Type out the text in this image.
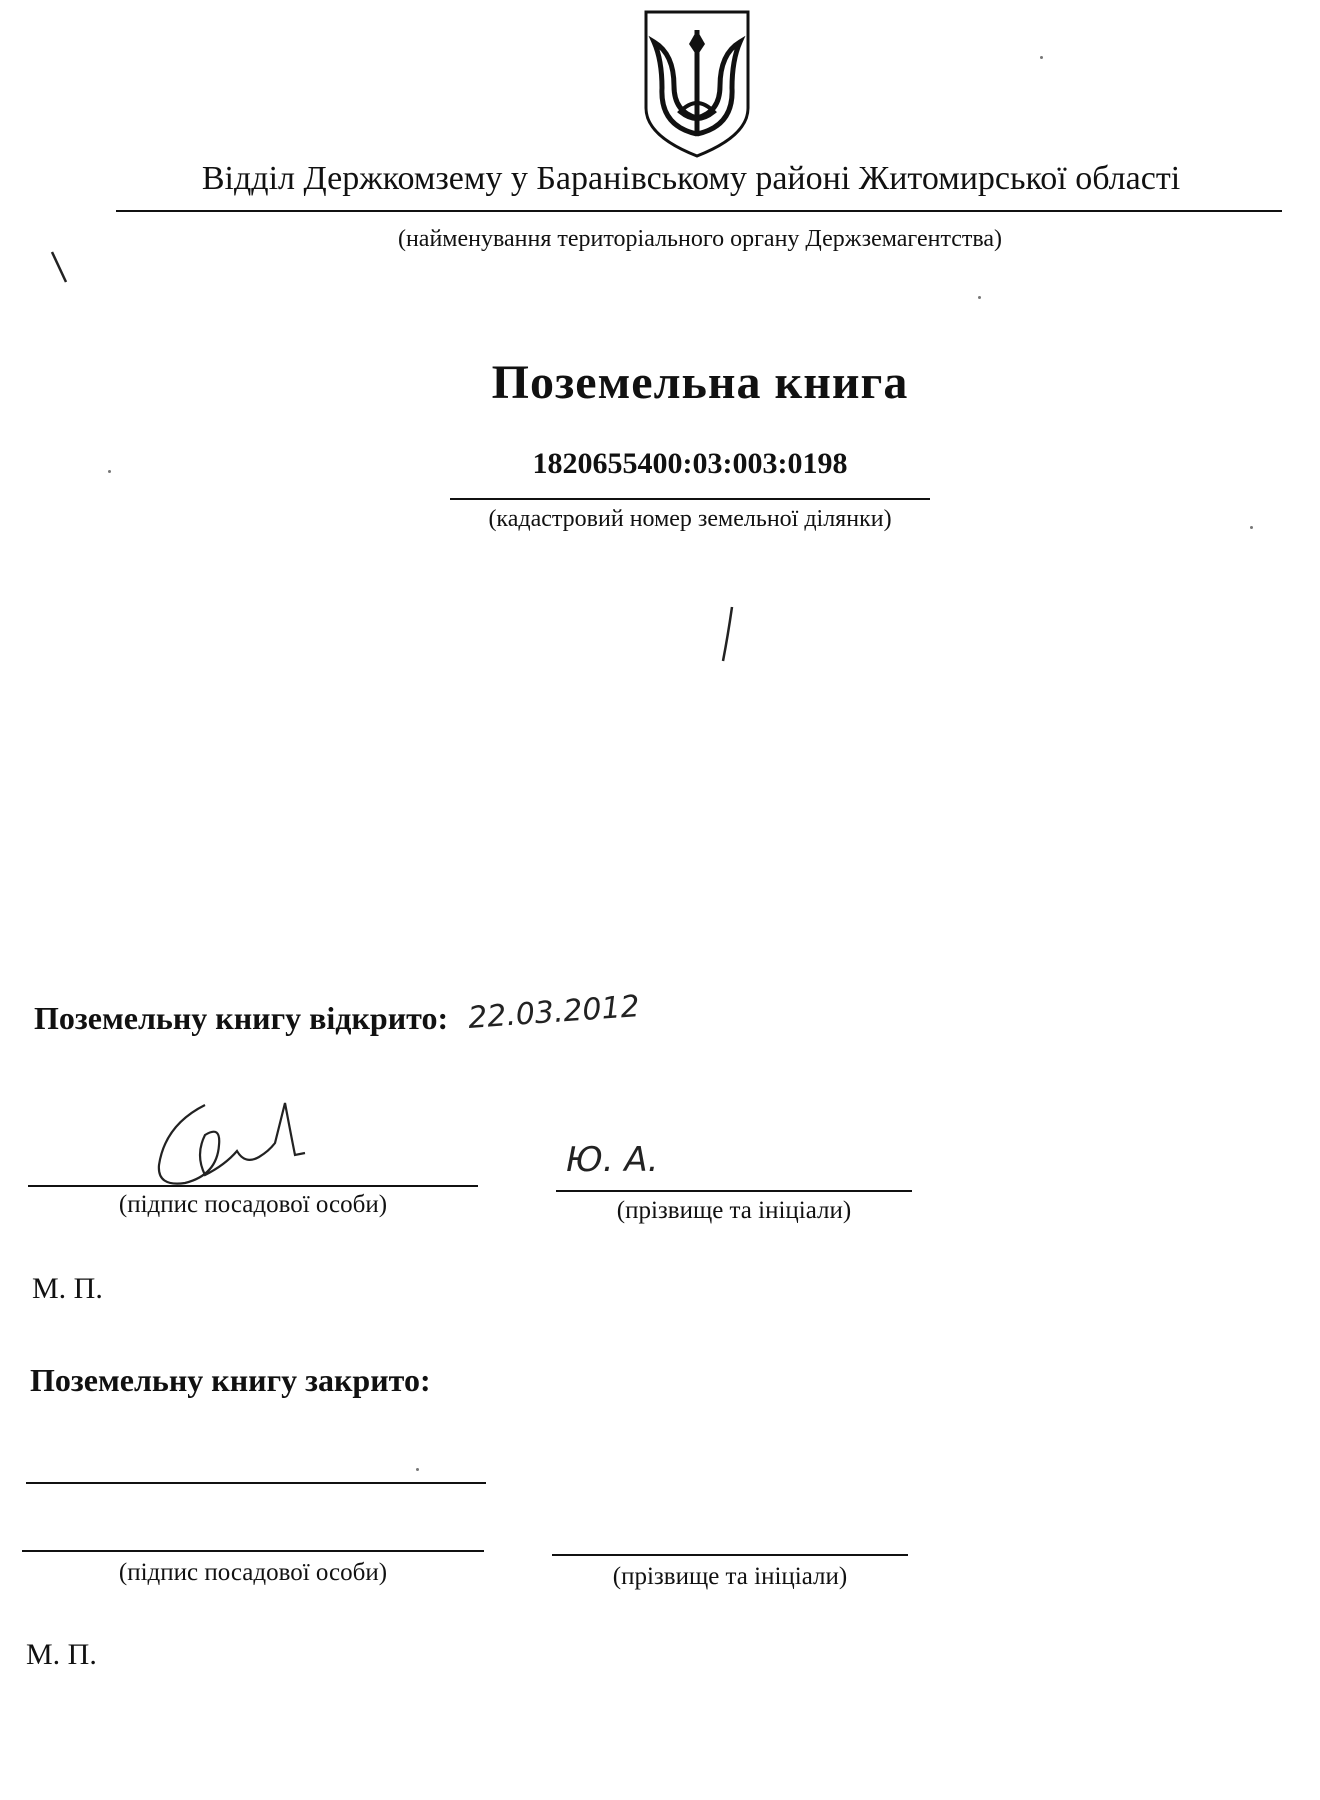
Відділ Держкомзему у Баранівському районі Житомирської області
(найменування територіального органу Держземагентства)
Поземельна книга
1820655400:03:003:0198
(кадастровий номер земельної ділянки)
Поземельну книгу відкрито: 22.03.2012
(підпис посадової особи)
Ю. А.
(прізвище та ініціали)
М. П.
Поземельну книгу закрито:
(підпис посадової особи)	(прізвище та ініціали)
М. П.
